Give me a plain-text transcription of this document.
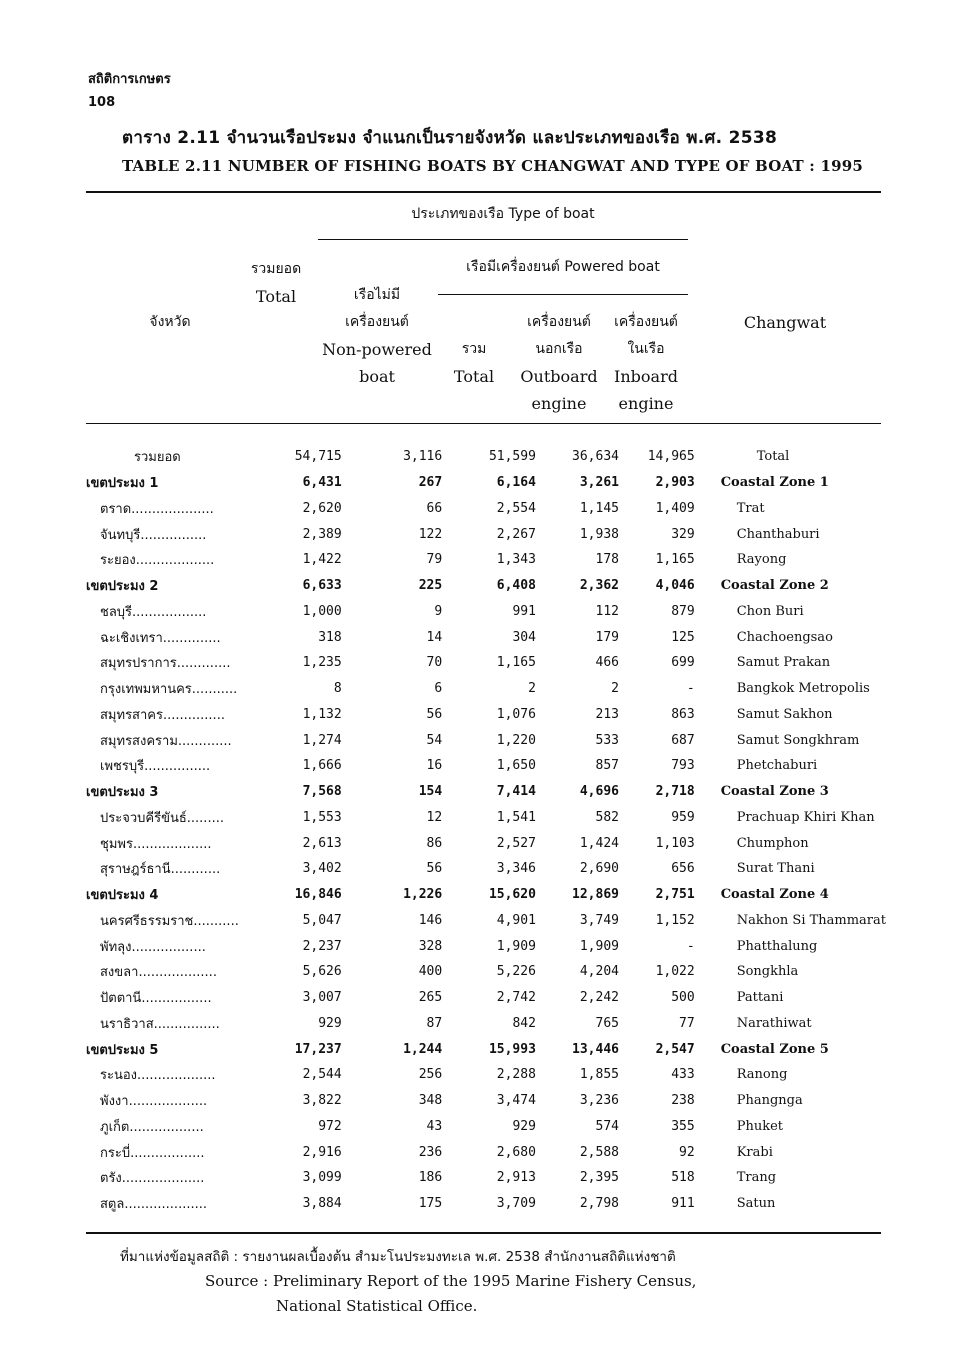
สถิติการเกษตร
108
ตาราง 2.11 จำนวนเรือประมง จำแนกเป็นรายจังหวัด และประเภทของเรือ พ.ศ. 2538
TABLE 2.11 NUMBER OF FISHING BOATS BY CHANGWAT AND TYPE OF BOAT : 1995
ประเภทของเรือ Type of boat
รวมยอด
Total
เรือมีเครื่องยนต์ Powered boat
เรือไม่มี
เครื่องยนต์
Non-powered
boat
จังหวัด	Changwat
รวม
Total
เครื่องยนต์
นอกเรือ
Outboard
engine
เครื่องยนต์
ในเรือ
Inboard
engine
รวมยอด	54,715	3,116	51,599	36,634	14,965	Total
เขตประมง 1	6,431	267	6,164	3,261	2,903	Coastal Zone 1
ตราด....................	2,620	66	2,554	1,145	1,409	Trat
จันทบุรี................	2,389	122	2,267	1,938	329	Chanthaburi
ระยอง...................	1,422	79	1,343	178	1,165	Rayong
เขตประมง 2	6,633	225	6,408	2,362	4,046	Coastal Zone 2
ชลบุรี..................	1,000	9	991	112	879	Chon Buri
ฉะเชิงเทรา..............	318	14	304	179	125	Chachoengsao
สมุทรปราการ.............	1,235	70	1,165	466	699	Samut Prakan
กรุงเทพมหานคร...........	8	6	2	2	-	Bangkok Metropolis
สมุทรสาคร...............	1,132	56	1,076	213	863	Samut Sakhon
สมุทรสงคราม.............	1,274	54	1,220	533	687	Samut Songkhram
เพชรบุรี................	1,666	16	1,650	857	793	Phetchaburi
เขตประมง 3	7,568	154	7,414	4,696	2,718	Coastal Zone 3
ประจวบคีรีขันธ์.........	1,553	12	1,541	582	959	Prachuap Khiri Khan
ชุมพร...................	2,613	86	2,527	1,424	1,103	Chumphon
สุราษฎร์ธานี............	3,402	56	3,346	2,690	656	Surat Thani
เขตประมง 4	16,846	1,226	15,620	12,869	2,751	Coastal Zone 4
นครศรีธรรมราช...........	5,047	146	4,901	3,749	1,152	Nakhon Si Thammarat
พัทลุง..................	2,237	328	1,909	1,909	-	Phatthalung
สงขลา...................	5,626	400	5,226	4,204	1,022	Songkhla
ปัตตานี.................	3,007	265	2,742	2,242	500	Pattani
นราธิวาส................	929	87	842	765	77	Narathiwat
เขตประมง 5	17,237	1,244	15,993	13,446	2,547	Coastal Zone 5
ระนอง...................	2,544	256	2,288	1,855	433	Ranong
พังงา...................	3,822	348	3,474	3,236	238	Phangnga
ภูเก็ต..................	972	43	929	574	355	Phuket
กระบี่..................	2,916	236	2,680	2,588	92	Krabi
ตรัง....................	3,099	186	2,913	2,395	518	Trang
สตูล....................	3,884	175	3,709	2,798	911	Satun
ที่มาแห่งข้อมูลสถิติ : รายงานผลเบื้องต้น สำมะโนประมงทะเล พ.ศ. 2538 สำนักงานสถิติแห่งชาติ
Source : Preliminary Report of the 1995 Marine Fishery Census,
National Statistical Office.
